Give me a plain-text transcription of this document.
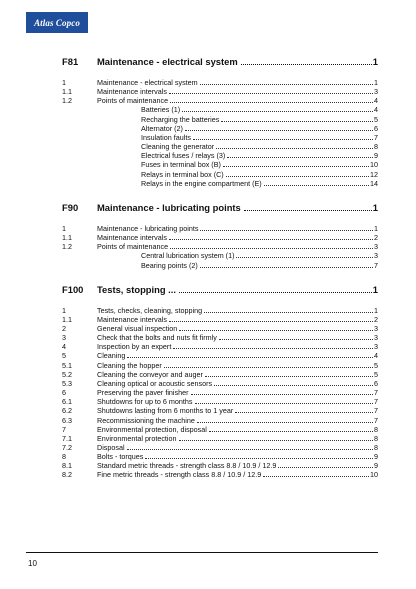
Atlas Copco
F81	Maintenance - electrical system	1
1	Maintenance - electrical system	1
1.1	Maintenance intervals	3
1.2	Points of maintenance	4
Batteries (1)	4
Recharging the batteries	5
Alternator (2)	6
Insulation faults	7
Cleaning the generator	8
Electrical fuses / relays (3)	9
Fuses in terminal box (B)	10
Relays in terminal box (C)	12
Relays in the engine compartment (E)	14
F90	Maintenance - lubricating points	1
1	Maintenance - lubricating points	1
1.1	Maintenance intervals	2
1.2	Points of maintenance	3
Central lubrication system (1)	3
Bearing points (2)	7
F100	Tests, stopping ...	1
1	Tests, checks, cleaning, stopping	1
1.1	Maintenance intervals	2
2	General visual inspection	3
3	Check that the bolts and nuts fit firmly	3
4	Inspection by an expert	3
5	Cleaning	4
5.1	Cleaning the hopper	5
5.2	Cleaning the conveyor and auger	5
5.3	Cleaning optical or acoustic sensors	6
6	Preserving the paver finisher	7
6.1	Shutdowns for up to 6 months	7
6.2	Shutdowns lasting from 6 months to 1 year	7
6.3	Recommissioning the machine	7
7	Environmental protection, disposal	8
7.1	Environmental protection	8
7.2	Disposal	8
8	Bolts - torques	9
8.1	Standard metric threads - strength class 8.8 / 10.9 / 12.9	9
8.2	Fine metric threads - strength class 8.8 / 10.9 / 12.9	10
10
